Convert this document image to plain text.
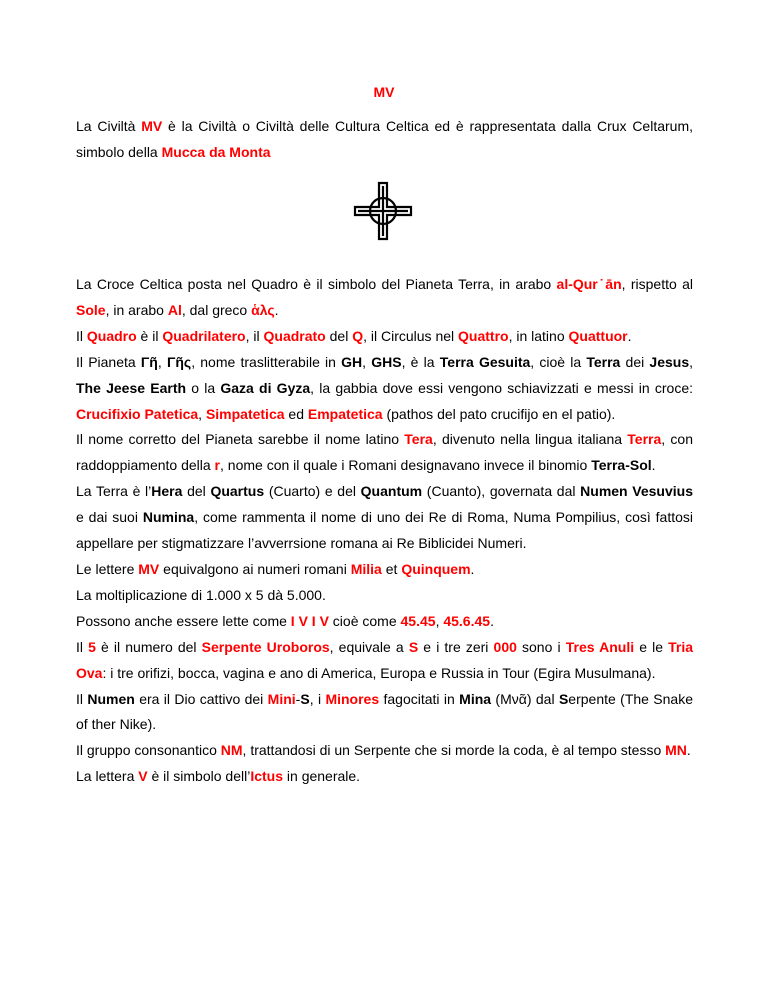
MV

La Civiltà MV è la Civiltà o Civiltà delle Cultura Celtica ed è rappresentata dalla Crux Celtarum, simbolo della Mucca da Monta

La Croce Celtica posta nel Quadro è il simbolo del Pianeta Terra, in arabo al-Qur˙ān, rispetto al Sole, in arabo Al, dal greco ἁλς.

Il Quadro è il Quadrilatero, il Quadrato del Q, il Circulus nel Quattro, in latino Quattuor.

Il Pianeta Γῆ, Γῆς, nome traslitterabile in GH, GHS, è la Terra Gesuita, cioè la Terra dei Jesus, The Jeese Earth o la Gaza di Gyza, la gabbia dove essi vengono schiavizzati e messi in croce: Crucifixio Patetica, Simpatetica ed Empatetica (pathos del pato crucifijo en el patio).

Il nome corretto del Pianeta sarebbe il nome latino Tera, divenuto nella lingua italiana Terra, con raddoppiamento della r, nome con il quale i Romani designavano invece il binomio Terra-Sol.

La Terra è l’Hera del Quartus (Cuarto) e del Quantum (Cuanto), governata dal Numen Vesuvius e dai suoi Numina, come rammenta il nome di uno dei Re di Roma, Numa Pompilius, così fattosi appellare per stigmatizzare l’avverrsione romana ai Re Biblicidei Numeri.

Le lettere MV equivalgono ai numeri romani Milia et Quinquem.

La moltiplicazione di 1.000 x 5 dà 5.000.

Possono anche essere lette come I V I V cioè come 45.45, 45.6.45.

Il 5 è il numero del Serpente Uroboros, equivale a S e i tre zeri 000 sono i Tres Anuli e le Tria Ova: i tre orifizi, bocca, vagina e ano di America, Europa e Russia in Tour (Egira Musulmana).

Il Numen era il Dio cattivo dei Mini-S, i Minores fagocitati in Mina (Mνᾶ) dal Serpente (The Snake of ther Nike).

Il gruppo consonantico NM, trattandosi di un Serpente che si morde la coda, è al tempo stesso MN.

La lettera V è il simbolo dell’Ictus in generale.
